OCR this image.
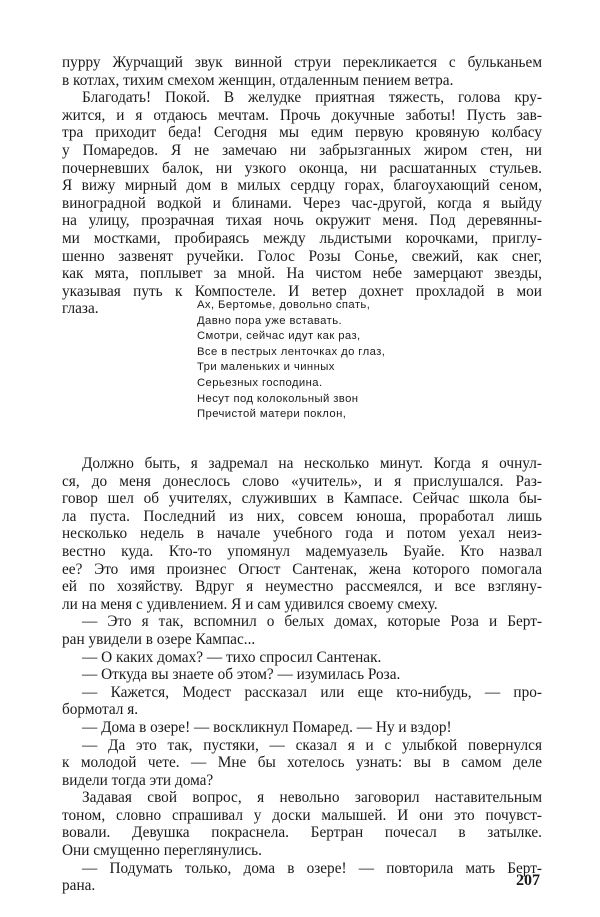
пурру Журчащий звук винной струи перекликается с бульканьем
в котлах, тихим смехом женщин, отдаленным пением ветра.
Благодать! Покой. В желудке приятная тяжесть, голова кру-
жится, и я отдаюсь мечтам. Прочь докучные заботы! Пусть зав-
тра приходит беда! Сегодня мы едим первую кровяную колбасу
у Помаредов. Я не замечаю ни забрызганных жиром стен, ни
почерневших балок, ни узкого оконца, ни расшатанных стульев.
Я вижу мирный дом в милых сердцу горах, благоухающий сеном,
виноградной водкой и блинами. Через час-другой, когда я выйду
на улицу, прозрачная тихая ночь окружит меня. Под деревянны-
ми мостками, пробираясь между льдистыми корочками, приглу-
шенно зазвенят ручейки. Голос Розы Сонье, свежий, как снег,
как мята, поплывет за мной. На чистом небе замерцают звезды,
указывая путь к Компостеле. И ветер дохнет прохладой в мои
глаза.	Ах, Бертомье, довольно спать,
Давно пора уже вставать.
Смотри, сейчас идут как раз,
Все в пестрых ленточках до глаз,
Три маленьких и чинных
Серьезных господина.
Несут под колокольный звон
Пречистой матери поклон,
Должно быть, я задремал на несколько минут. Когда я очнул-
ся, до меня донеслось слово «учитель», и я прислушался. Раз-
говор шел об учителях, служивших в Кампасе. Сейчас школа бы-
ла пуста. Последний из них, совсем юноша, проработал лишь
несколько недель в начале учебного года и потом уехал неиз-
вестно куда. Кто-то упомянул мадемуазель Буайе. Кто назвал
ее? Это имя произнес Огюст Сантенак, жена которого помогала
ей по хозяйству. Вдруг я неуместно рассмеялся, и все взгляну-
ли на меня с удивлением. Я и сам удивился своему смеху.
— Это я так, вспомнил о белых домах, которые Роза и Берт-
ран увидели в озере Кампас...
— О каких домах? — тихо спросил Сантенак.
— Откуда вы знаете об этом? — изумилась Роза.
— Кажется, Модест рассказал или еще кто-нибудь, — про-
бормотал я.
— Дома в озере! — воскликнул Помаред. — Ну и вздор!
— Да это так, пустяки, — сказал я и с улыбкой повернулся
к молодой чете. — Мне бы хотелось узнать: вы в самом деле
видели тогда эти дома?
Задавая свой вопрос, я невольно заговорил наставительным
тоном, словно спрашивал у доски малышей. И они это почувст-
вовали. Девушка покраснела. Бертран почесал в затылке.
Они смущенно переглянулись.
— Подумать только, дома в озере! — повторила мать Берт-
рана.	207
